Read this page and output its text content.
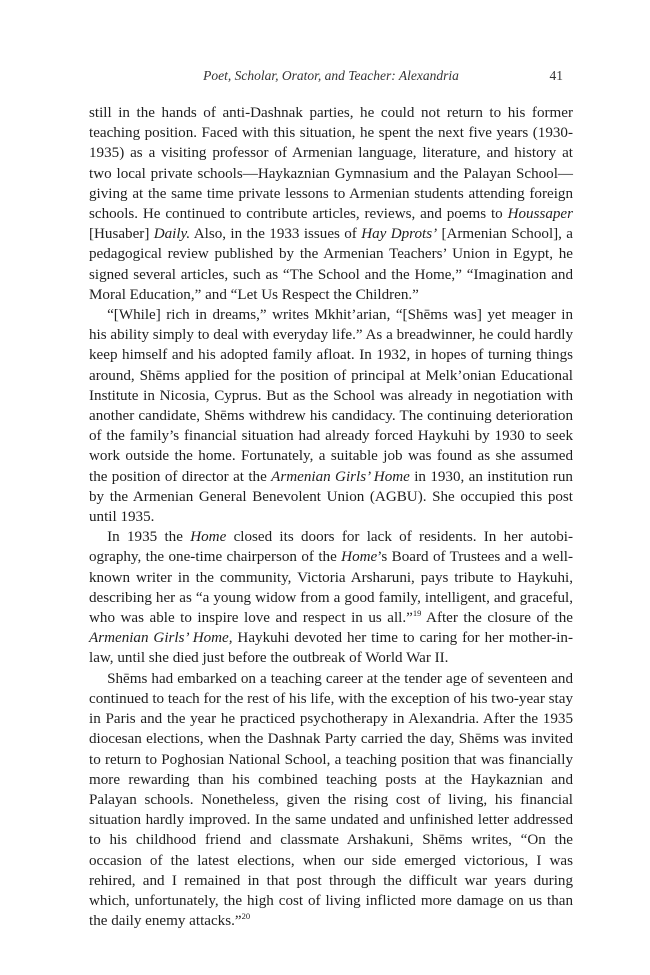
Poet, Scholar, Orator, and Teacher: Alexandria	41

still in the hands of anti-Dashnak parties, he could not return to his former teaching position. Faced with this situation, he spent the next five years (1930-1935) as a visiting professor of Armenian language, literature, and history at two local private schools—Haykaznian Gymnasium and the Palayan School—giving at the same time private lessons to Armenian students attending foreign schools. He continued to contribute articles, reviews, and poems to Houssaper [Husaber] Daily. Also, in the 1933 issues of Hay Dprots’ [Armenian School], a pedagogical review published by the Armenian Teachers’ Union in Egypt, he signed several articles, such as “The School and the Home,” “Imagination and Moral Education,” and “Let Us Respect the Children.”

“[While] rich in dreams,” writes Mkhit’arian, “[Shēms was] yet meager in his ability simply to deal with everyday life.” As a breadwinner, he could hardly keep himself and his adopted family afloat. In 1932, in hopes of turning things around, Shēms applied for the position of principal at Melk’onian Educational Institute in Nicosia, Cyprus. But as the School was already in negotiation with another candidate, Shēms withdrew his candidacy. The continuing deterioration of the family’s financial situation had already forced Haykuhi by 1930 to seek work outside the home. Fortunately, a suitable job was found as she assumed the position of director at the Armenian Girls’ Home in 1930, an institution run by the Armenian General Benevolent Union (AGBU). She occupied this post until 1935.

In 1935 the Home closed its doors for lack of residents. In her autobiography, the one-time chairperson of the Home’s Board of Trustees and a well-known writer in the community, Victoria Arsharuni, pays tribute to Haykuhi, describing her as “a young widow from a good family, intelligent, and graceful, who was able to inspire love and respect in us all.”$^{19}$ After the closure of the Armenian Girls’ Home, Haykuhi devoted her time to caring for her mother-in-law, until she died just before the outbreak of World War II.

Shēms had embarked on a teaching career at the tender age of seventeen and continued to teach for the rest of his life, with the exception of his two-year stay in Paris and the year he practiced psychotherapy in Alexandria. After the 1935 diocesan elections, when the Dashnak Party carried the day, Shēms was invited to return to Poghosian National School, a teaching position that was financially more rewarding than his combined teaching posts at the Haykaznian and Palayan schools. Nonetheless, given the rising cost of living, his financial situation hardly improved. In the same undated and unfinished letter addressed to his childhood friend and classmate Arshakuni, Shēms writes, “On the occasion of the latest elections, when our side emerged victorious, I was rehired, and I remained in that post through the difficult war years during which, unfortunately, the high cost of living inflicted more damage on us than the daily enemy attacks.”$^{20}$
